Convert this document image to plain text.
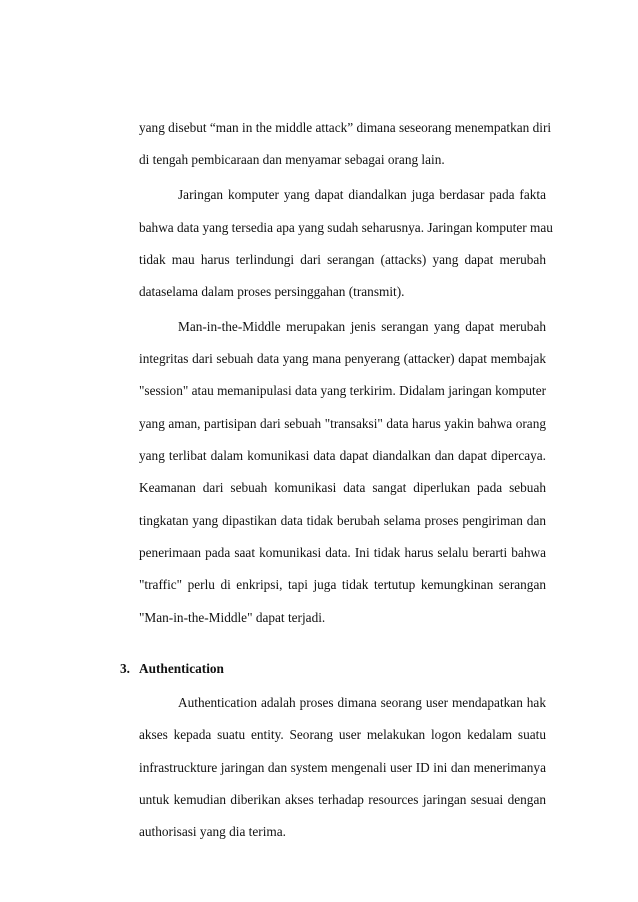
yang disebut “man in the middle attack” dimana seseorang menempatkan diri
di tengah pembicaraan dan menyamar sebagai orang lain.
Jaringan komputer yang dapat diandalkan juga berdasar pada fakta
bahwa data yang tersedia apa yang sudah seharusnya. Jaringan komputer mau
tidak mau harus terlindungi dari serangan (attacks) yang dapat merubah
dataselama dalam proses persinggahan (transmit).
Man-in-the-Middle merupakan jenis serangan yang dapat merubah
integritas dari sebuah data yang mana penyerang (attacker) dapat membajak
"session" atau memanipulasi data yang terkirim. Didalam jaringan komputer
yang aman, partisipan dari sebuah "transaksi" data harus yakin bahwa orang
yang terlibat dalam komunikasi data dapat diandalkan dan dapat dipercaya.
Keamanan dari sebuah komunikasi data sangat diperlukan pada sebuah
tingkatan yang dipastikan data tidak berubah selama proses pengiriman dan
penerimaan pada saat komunikasi data. Ini tidak harus selalu berarti bahwa
"traffic" perlu di enkripsi, tapi juga tidak tertutup kemungkinan serangan
"Man-in-the-Middle" dapat terjadi.
3. Authentication
Authentication adalah proses dimana seorang user mendapatkan hak
akses kepada suatu entity. Seorang user melakukan logon kedalam suatu
infrastruckture jaringan dan system mengenali user ID ini dan menerimanya
untuk kemudian diberikan akses terhadap resources jaringan sesuai dengan
authorisasi yang dia terima.
